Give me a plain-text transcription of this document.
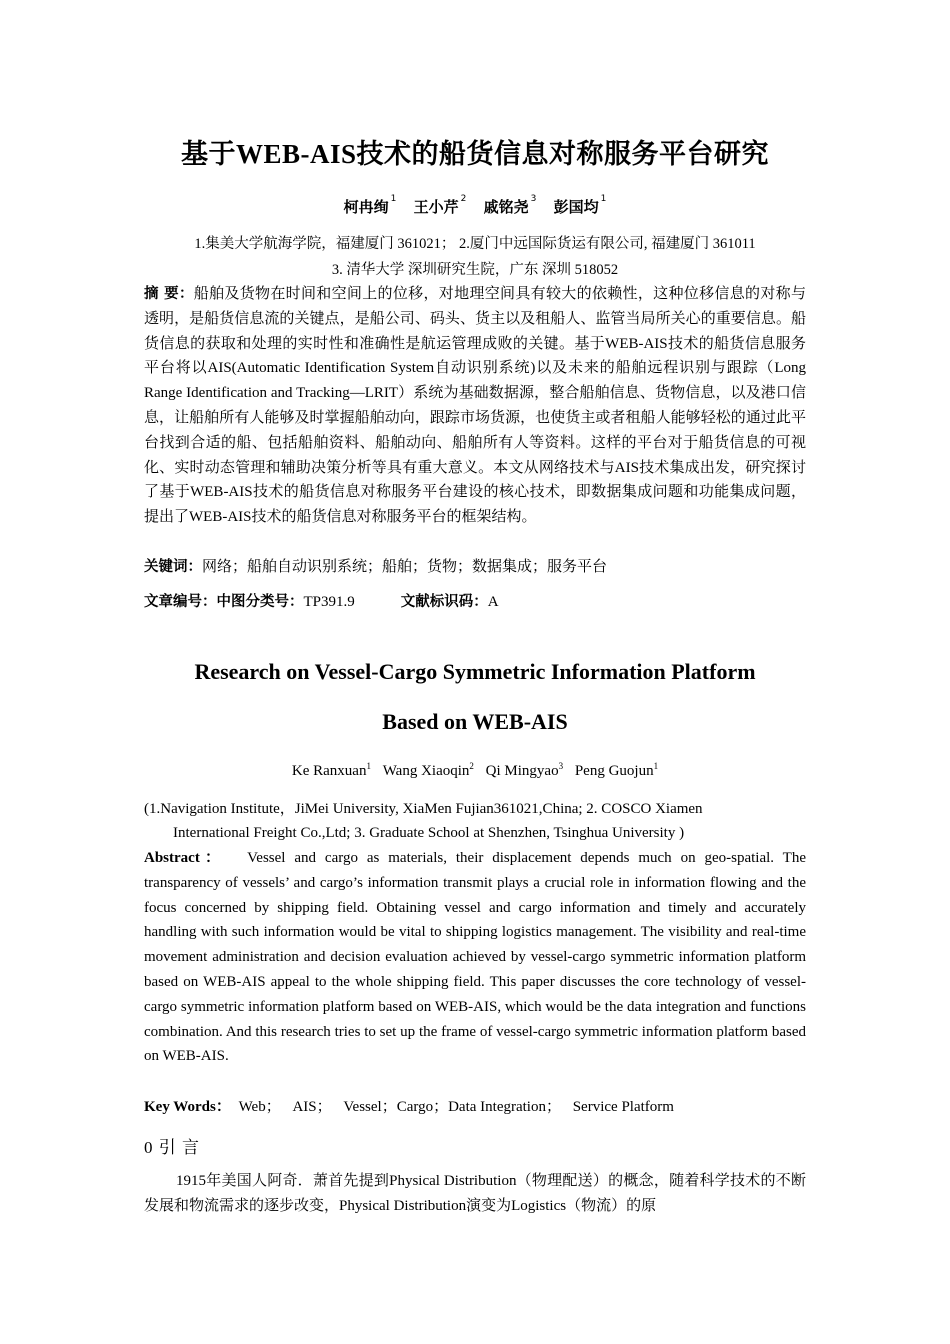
基于WEB-AIS技术的船货信息对称服务平台研究
柯冉绚 $^1$ 王小芹 $^2$ 戚铭尧 $^3$ 彭国均 $^1$
1.集美大学航海学院，福建厦门 361021； 2.厦门中远国际货运有限公司, 福建厦门 361011
3. 清华大学 深圳研究生院，广东 深圳 518052
摘 要：船舶及货物在时间和空间上的位移，对地理空间具有较大的依赖性，这种位移信息的对称与透明，是船货信息流的关键点，是船公司、码头、货主以及租船人、监管当局所关心的重要信息。船货信息的获取和处理的实时性和准确性是航运管理成败的关键。基于WEB-AIS技术的船货信息服务平台将以AIS(Automatic Identification System自动识别系统)以及未来的船舶远程识别与跟踪（Long Range Identification and Tracking—LRIT）系统为基础数据源，整合船舶信息、货物信息，以及港口信息，让船舶所有人能够及时掌握船舶动向，跟踪市场货源，也使货主或者租船人能够轻松的通过此平台找到合适的船、包括船舶资料、船舶动向、船舶所有人等资料。这样的平台对于船货信息的可视化、实时动态管理和辅助决策分析等具有重大意义。本文从网络技术与AIS技术集成出发，研究探讨了基于WEB-AIS技术的船货信息对称服务平台建设的核心技术，即数据集成问题和功能集成问题，提出了WEB-AIS技术的船货信息对称服务平台的框架结构。
关键词：网络；船舶自动识别系统；船舶；货物；数据集成；服务平台
文章编号：中图分类号：TP391.9	文献标识码：A
Research on Vessel-Cargo Symmetric Information Platform
Based on WEB-AIS
Ke Ranxuan$^1$ Wang Xiaoqin$^2$ Qi Mingyao$^3$ Peng Guojun$^1$
(1.Navigation Institute，JiMei University, XiaMen Fujian361021,China; 2. COSCO Xiamen
International Freight Co.,Ltd; 3. Graduate School at Shenzhen, Tsinghua University )
Abstract： Vessel and cargo as materials, their displacement depends much on geo-spatial. The transparency of vessels’ and cargo’s information transmit plays a crucial role in information flowing and the focus concerned by shipping field. Obtaining vessel and cargo information and timely and accurately handling with such information would be vital to shipping logistics management. The visibility and real-time movement administration and decision evaluation achieved by vessel-cargo symmetric information platform based on WEB-AIS appeal to the whole shipping field. This paper discusses the core technology of vessel-cargo symmetric information platform based on WEB-AIS, which would be the data integration and functions combination. And this research tries to set up the frame of vessel-cargo symmetric information platform based on WEB-AIS.
Key Words： Web； AIS； Vessel；Cargo；Data Integration； Service Platform
0 引 言
1915年美国人阿奇．萧首先提到Physical Distribution（物理配送）的概念，随着科学技术的不断发展和物流需求的逐步改变，Physical Distribution演变为Logistics（物流）的原
